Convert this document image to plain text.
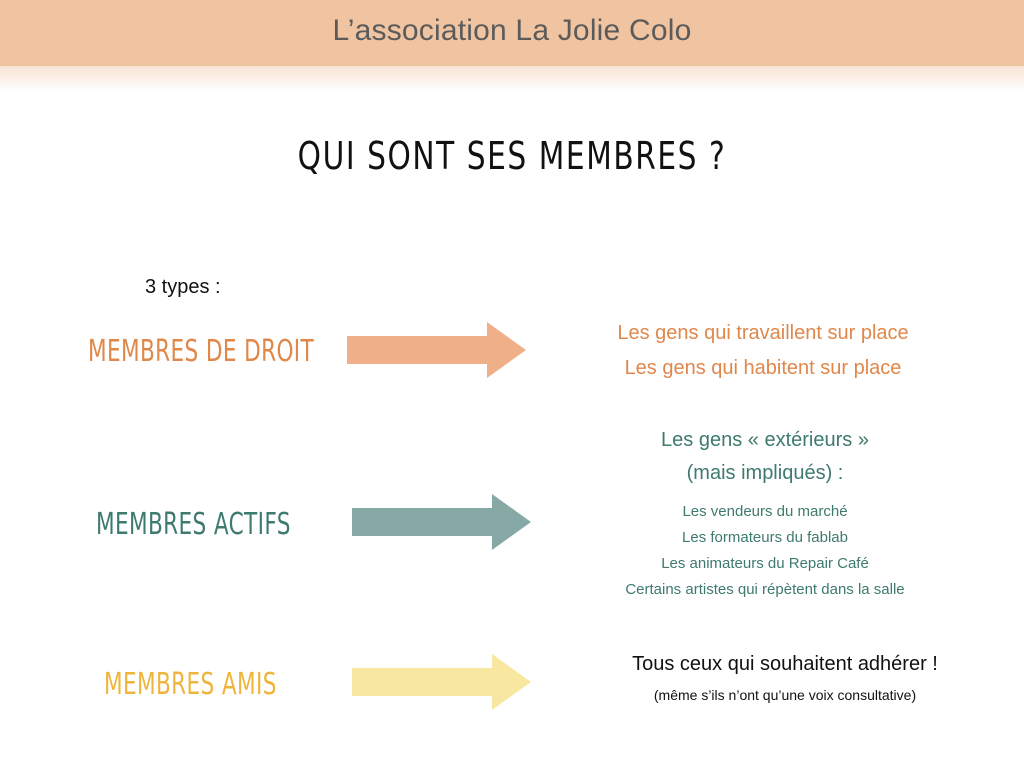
L’association La Jolie Colo
QUI SONT SES MEMBRES ?
3 types :
MEMBRES DE DROIT
Les gens qui travaillent sur place
Les gens qui habitent sur place
MEMBRES ACTIFS
Les gens « extérieurs »
(mais impliqués) :
Les vendeurs du marché
Les formateurs du fablab
Les animateurs du Repair Café
Certains artistes qui répètent dans la salle
MEMBRES AMIS
Tous ceux qui souhaitent adhérer !
(même s’ils n’ont qu’une voix consultative)
